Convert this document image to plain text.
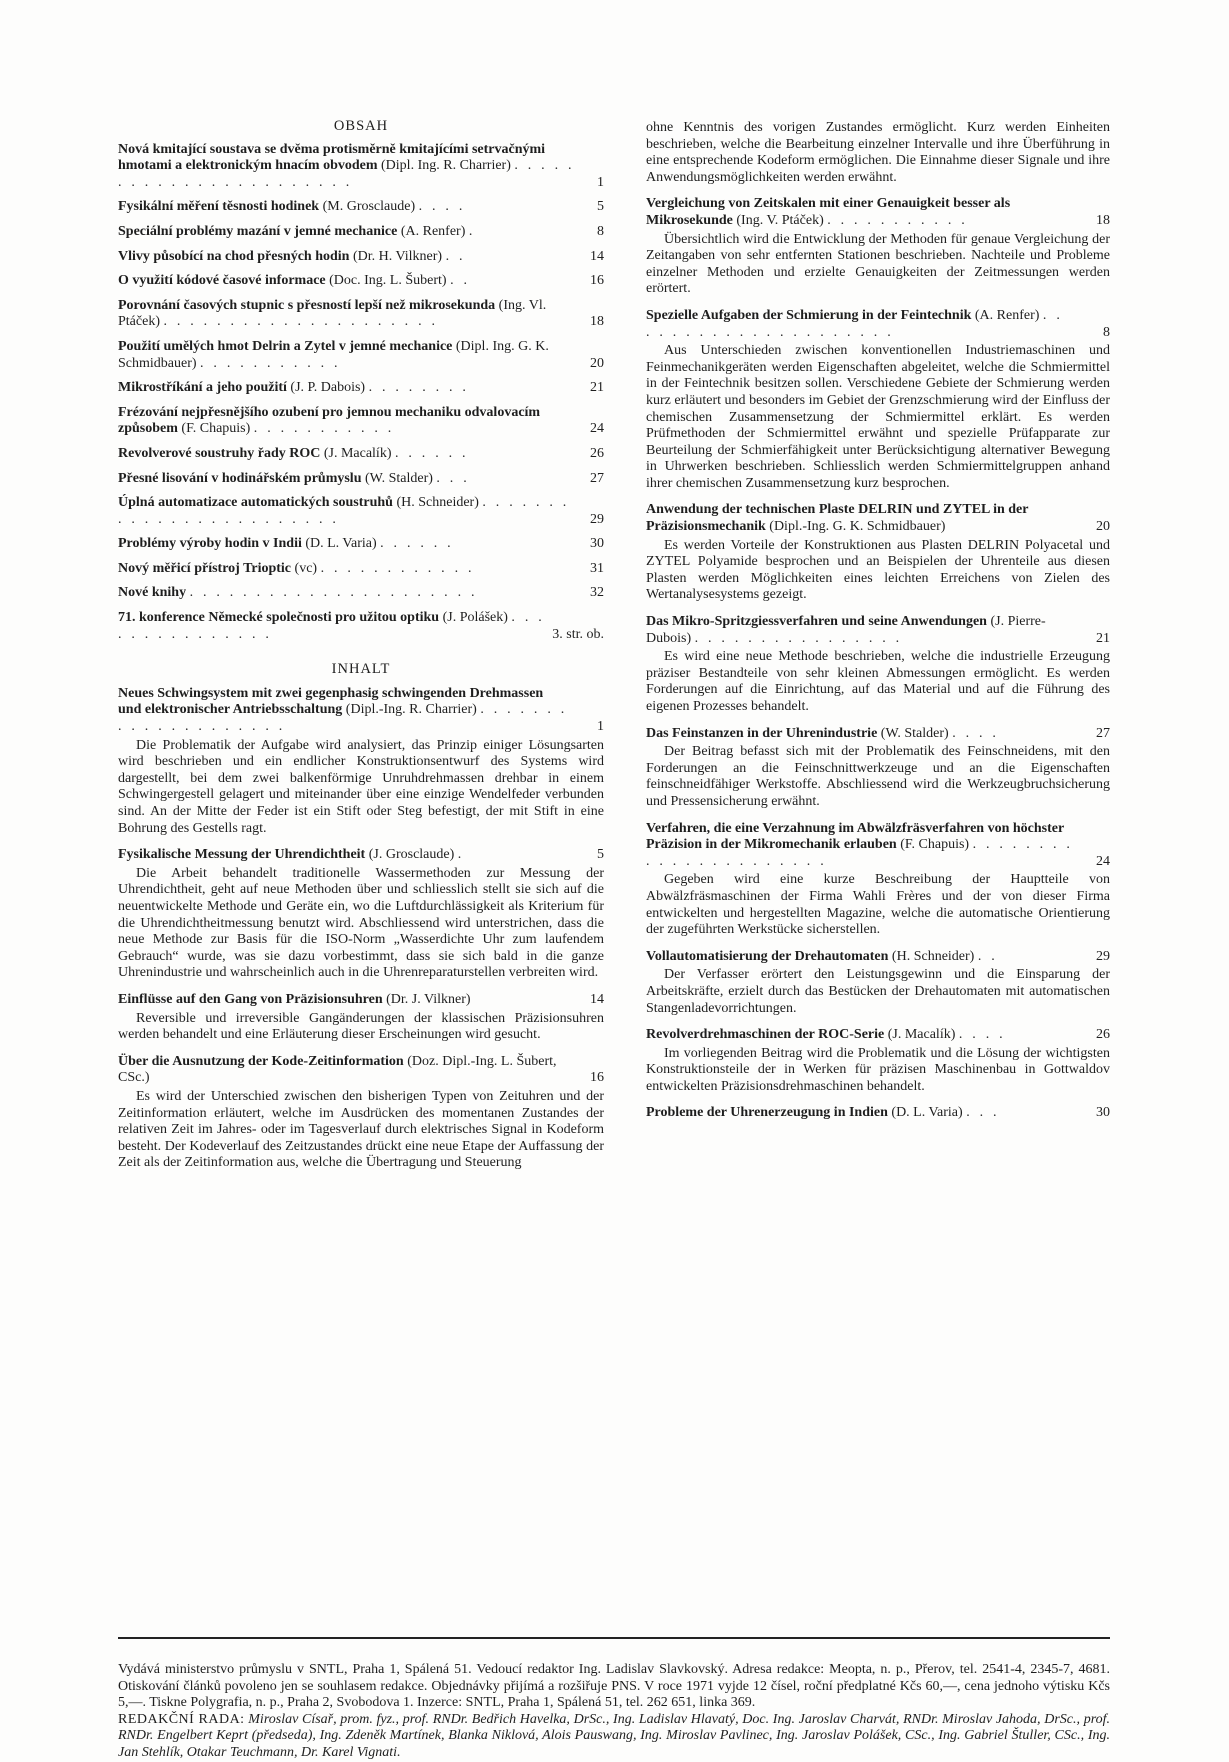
OBSAH
Nová kmitající soustava se dvěma protisměrně kmitajícími setrvačnými hmotami a elektronickým hnacím obvodem (Dipl. Ing. R. Charrier) . . . . . . . . . . . . . . . . . . . . . . .	1
Fysikální měření těsnosti hodinek (M. Grosclaude) . . . .	5
Speciální problémy mazání v jemné mechanice (A. Renfer) .	8
Vlivy působící na chod přesných hodin (Dr. H. Vilkner) . .	14
O využití kódové časové informace (Doc. Ing. L. Šubert) . .	16
Porovnání časových stupnic s přesností lepší než mikrosekunda (Ing. Vl. Ptáček) . . . . . . . . . . . . . . . . . . . . .	18
Použití umělých hmot Delrin a Zytel v jemné mechanice (Dipl. Ing. G. K. Schmidbauer) . . . . . . . . . . .	20
Mikrostříkání a jeho použití (J. P. Dabois) . . . . . . . .	21
Frézování nejpřesnějšího ozubení pro jemnou mechaniku odvalovacím způsobem (F. Chapuis) . . . . . . . . . . .	24
Revolverové soustruhy řady ROC (J. Macalík) . . . . . .	26
Přesné lisování v hodinářském průmyslu (W. Stalder) . . .	27
Úplná automatizace automatických soustruhů (H. Schneider) . . . . . . . . . . . . . . . . . . . . . . . .	29
Problémy výroby hodin v Indii (D. L. Varia) . . . . . .	30
Nový měřicí přístroj Trioptic (vc) . . . . . . . . . . . .	31
Nové knihy . . . . . . . . . . . . . . . . . . . . . .	32
71. konference Německé společnosti pro užitou optiku (J. Polášek) . . . . . . . . . . . . . . .	3. str. ob.
INHALT
Neues Schwingsystem mit zwei gegenphasig schwingenden Drehmassen und elektronischer Antriebsschaltung (Dipl.-Ing. R. Charrier) . . . . . . . . . . . . . . . . . . . .	1

Die Problematik der Aufgabe wird analysiert, das Prinzip einiger Lösungsarten wird beschrieben und ein endlicher Konstruktionsentwurf des Systems wird dargestellt, bei dem zwei balkenförmige Unruhdrehmassen drehbar in einem Schwingergestell gelagert und miteinander über eine einzige Wendelfeder verbunden sind. An der Mitte der Feder ist ein Stift oder Steg befestigt, der mit Stift in eine Bohrung des Gestells ragt.

Fysikalische Messung der Uhrendichtheit (J. Grosclaude) .	5

Die Arbeit behandelt traditionelle Wassermethoden zur Messung der Uhrendichtheit, geht auf neue Methoden über und schliesslich stellt sie sich auf die neuentwickelte Methode und Geräte ein, wo die Luftdurchlässigkeit als Kriterium für die Uhrendichtheitmessung benutzt wird. Abschliessend wird unterstrichen, dass die neue Methode zur Basis für die ISO-Norm „Wasserdichte Uhr zum laufendem Gebrauch“ wurde, was sie dazu vorbestimmt, dass sie sich bald in die ganze Uhrenindustrie und wahrscheinlich auch in die Uhrenreparaturstellen verbreiten wird.

Einflüsse auf den Gang von Präzisionsuhren (Dr. J. Vilkner)	14

Reversible und irreversible Gangänderungen der klassischen Präzisionsuhren werden behandelt und eine Erläuterung dieser Erscheinungen wird gesucht.

Über die Ausnutzung der Kode-Zeitinformation (Doz. Dipl.-Ing. L. Šubert, CSc.)	16

Es wird der Unterschied zwischen den bisherigen Typen von Zeituhren und der Zeitinformation erläutert, welche im Ausdrücken des momentanen Zustandes der relativen Zeit im Jahres- oder im Tagesverlauf durch elektrisches Signal in Kodeform besteht. Der Kodeverlauf des Zeitzustandes drückt eine neue Etape der Auffassung der Zeit als der Zeitinformation aus, welche die Übertragung und Steuerung

ohne Kenntnis des vorigen Zustandes ermöglicht. Kurz werden Einheiten beschrieben, welche die Bearbeitung einzelner Intervalle und ihre Überführung in eine entsprechende Kodeform ermöglichen. Die Einnahme dieser Signale und ihre Anwendungsmöglichkeiten werden erwähnt.

Vergleichung von Zeitskalen mit einer Genauigkeit besser als Mikrosekunde (Ing. V. Ptáček) . . . . . . . . . . .	18

Übersichtlich wird die Entwicklung der Methoden für genaue Vergleichung der Zeitangaben von sehr entfernten Stationen beschrieben. Nachteile und Probleme einzelner Methoden und erzielte Genauigkeiten der Zeitmessungen werden erörtert.

Spezielle Aufgaben der Schmierung in der Feintechnik (A. Renfer) . . . . . . . . . . . . . . . . . . . . .	8

Aus Unterschieden zwischen konventionellen Industriemaschinen und Feinmechanikgeräten werden Eigenschaften abgeleitet, welche die Schmiermittel in der Feintechnik besitzen sollen. Verschiedene Gebiete der Schmierung werden kurz erläutert und besonders im Gebiet der Grenzschmierung wird der Einfluss der chemischen Zusammensetzung der Schmiermittel erklärt. Es werden Prüfmethoden der Schmiermittel erwähnt und spezielle Prüfapparate zur Beurteilung der Schmierfähigkeit unter Berücksichtigung alternativer Bewegung in Uhrwerken beschrieben. Schliesslich werden Schmiermittelgruppen anhand ihrer chemischen Zusammensetzung kurz besprochen.

Anwendung der technischen Plaste DELRIN und ZYTEL in der Präzisionsmechanik (Dipl.-Ing. G. K. Schmidbauer)	20

Es werden Vorteile der Konstruktionen aus Plasten DELRIN Polyacetal und ZYTEL Polyamide besprochen und an Beispielen der Uhrenteile aus diesen Plasten werden Möglichkeiten eines leichten Erreichens von Zielen des Wertanalysesystems gezeigt.

Das Mikro-Spritzgiessverfahren und seine Anwendungen (J. Pierre-Dubois) . . . . . . . . . . . . . . . .	21

Es wird eine neue Methode beschrieben, welche die industrielle Erzeugung präziser Bestandteile von sehr kleinen Abmessungen ermöglicht. Es werden Forderungen auf die Einrichtung, auf das Material und auf die Führung des eigenen Prozesses behandelt.

Das Feinstanzen in der Uhrenindustrie (W. Stalder) . . . .	27

Der Beitrag befasst sich mit der Problematik des Feinschneidens, mit den Forderungen an die Feinschnittwerkzeuge und an die Eigenschaften feinschneidfähiger Werkstoffe. Abschliessend wird die Werkzeugbruchsicherung und Pressensicherung erwähnt.

Verfahren, die eine Verzahnung im Abwälzfräsverfahren von höchster Präzision in der Mikromechanik erlauben (F. Chapuis) . . . . . . . . . . . . . . . . . . . . . .	24

Gegeben wird eine kurze Beschreibung der Hauptteile von Abwälzfräsmaschinen der Firma Wahli Frères und der von dieser Firma entwickelten und hergestellten Magazine, welche die automatische Orientierung der zugeführten Werkstücke sicherstellen.

Vollautomatisierung der Drehautomaten (H. Schneider) . .	29

Der Verfasser erörtert den Leistungsgewinn und die Einsparung der Arbeitskräfte, erzielt durch das Bestücken der Drehautomaten mit automatischen Stangenladevorrichtungen.

Revolverdrehmaschinen der ROC-Serie (J. Macalík) . . . .	26

Im vorliegenden Beitrag wird die Problematik und die Lösung der wichtigsten Konstruktionsteile der in Werken für präzisen Maschinenbau in Gottwaldov entwickelten Präzisionsdrehmaschinen behandelt.

Probleme der Uhrenerzeugung in Indien (D. L. Varia) . . .	30

Vydává ministerstvo průmyslu v SNTL, Praha 1, Spálená 51. Vedoucí redaktor Ing. Ladislav Slavkovský. Adresa redakce: Meopta, n. p., Přerov, tel. 2541-4, 2345-7, 4681. Otiskování článků povoleno jen se souhlasem redakce. Objednávky přijímá a rozšiřuje PNS. V roce 1971 vyjde 12 čísel, roční předplatné Kčs 60,—, cena jednoho výtisku Kčs 5,—. Tiskne Polygrafia, n. p., Praha 2, Svobodova 1. Inzerce: SNTL, Praha 1, Spálená 51, tel. 262 651, linka 369.

REDAKČNÍ RADA: Miroslav Císař, prom. fyz., prof. RNDr. Bedřich Havelka, DrSc., Ing. Ladislav Hlavatý, Doc. Ing. Jaroslav Charvát, RNDr. Miroslav Jahoda, DrSc., prof. RNDr. Engelbert Keprt (předseda), Ing. Zdeněk Martínek, Blanka Niklová, Alois Pauswang, Ing. Miroslav Pavlinec, Ing. Jaroslav Polášek, CSc., Ing. Gabriel Štuller, CSc., Ing. Jan Stehlík, Otakar Teuchmann, Dr. Karel Vignati.
